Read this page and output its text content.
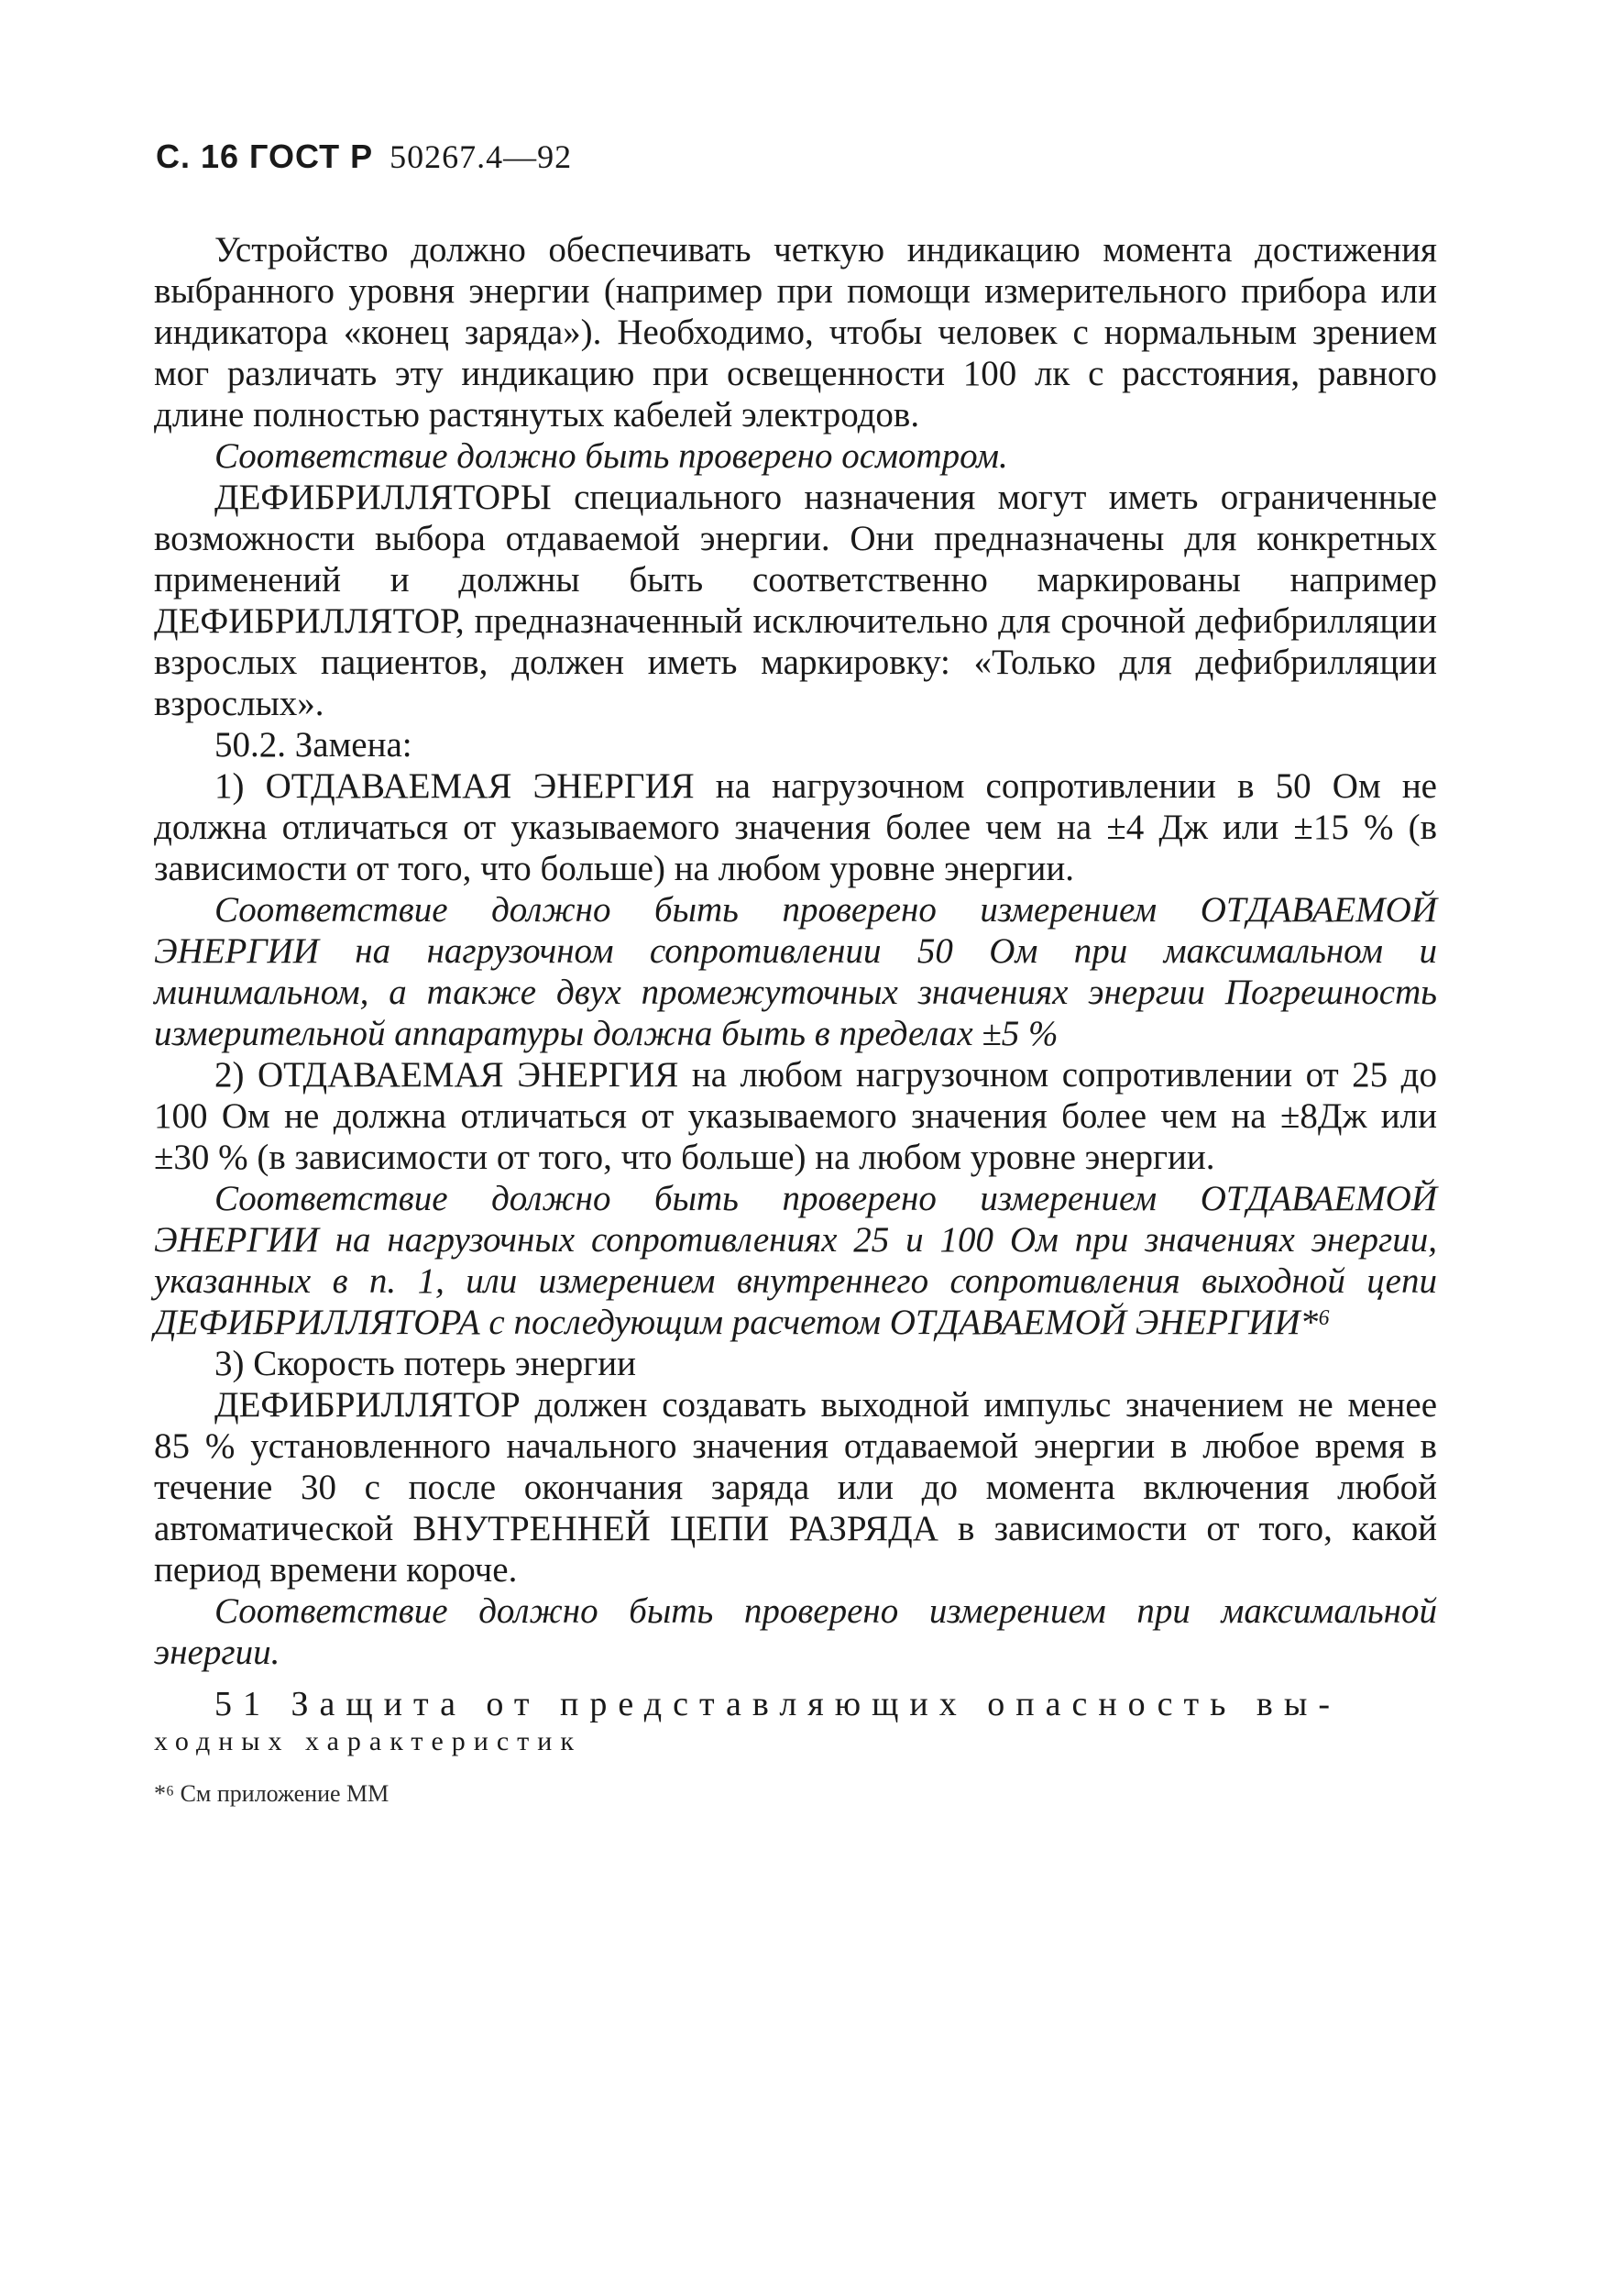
С. 16 ГОСТ Р 50267.4—92

Устройство должно обеспечивать четкую индикацию момента достижения выбранного уровня энергии (например при помощи измерительного прибора или индикатора «конец заряда»). Необходимо, чтобы человек с нормальным зрением мог различать эту индикацию при освещенности 100 лк с расстояния, равного длине полностью растянутых кабелей электродов.

Соответствие должно быть проверено осмотром.

ДЕФИБРИЛЛЯТОРЫ специального назначения могут иметь ограниченные возможности выбора отдаваемой энергии. Они предназначены для конкретных применений и должны быть соответственно маркированы например ДЕФИБРИЛЛЯТОР, предназначенный исключительно для срочной дефибрилляции взрослых пациентов, должен иметь маркировку: «Только для дефибрилляции взрослых».

50.2. Замена:

1) ОТДАВАЕМАЯ ЭНЕРГИЯ на нагрузочном сопротивлении в 50 Ом не должна отличаться от указываемого значения более чем на ±4 Дж или ±15 % (в зависимости от того, что больше) на любом уровне энергии.

Соответствие должно быть проверено измерением ОТДАВАЕМОЙ ЭНЕРГИИ на нагрузочном сопротивлении 50 Ом при максимальном и минимальном, а также двух промежуточных значениях энергии Погрешность измерительной аппаратуры должна быть в пределах ±5 %

2) ОТДАВАЕМАЯ ЭНЕРГИЯ на любом нагрузочном сопротивлении от 25 до 100 Ом не должна отличаться от указываемого значения более чем на ±8Дж или ±30 % (в зависимости от того, что больше) на любом уровне энергии.

Соответствие должно быть проверено измерением ОТДАВАЕМОЙ ЭНЕРГИИ на нагрузочных сопротивлениях 25 и 100 Ом при значениях энергии, указанных в п. 1, или измерением внутреннего сопротивления выходной цепи ДЕФИБРИЛЛЯТОРА с последующим расчетом ОТДАВАЕМОЙ ЭНЕРГИИ*⁶

3) Скорость потерь энергии

ДЕФИБРИЛЛЯТОР должен создавать выходной импульс значением не менее 85 % установленного начального значения отдаваемой энергии в любое время в течение 30 с после окончания заряда или до момента включения любой автоматической ВНУТРЕННЕЙ ЦЕПИ РАЗРЯДА в зависимости от того, какой период времени короче.

Соответствие должно быть проверено измерением при максимальной энергии.

51 Защита от представляющих опасность вы-
ходных характеристик

*⁶ См приложение ММ
